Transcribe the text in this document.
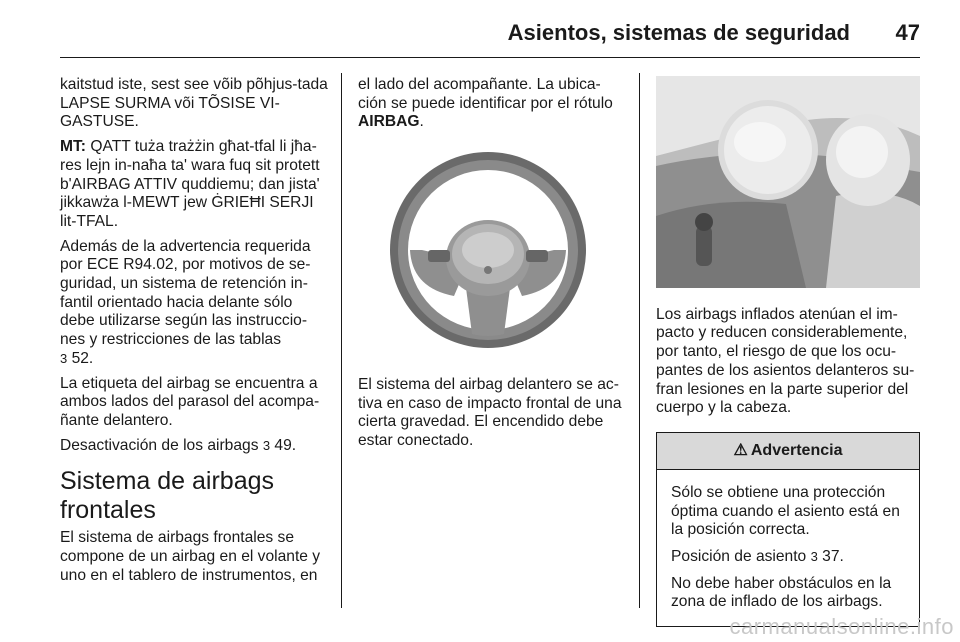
Asientos, sistemas de seguridad	47

kaitstud iste, sest see võib põhjus-tada LAPSE SURMA või TÕSISE VI-GASTUSE.

MT: QATT tuża trażżin għat-tfal li jħa-res lejn in-naħa ta' wara fuq sit protett b'AIRBAG ATTIV quddiemu; dan jista' jikkawża l-MEWT jew ĠRIEĦI SERJI lit-TFAL.

Además de la advertencia requerida por ECE R94.02, por motivos de se-guridad, un sistema de retención in-fantil orientado hacia delante sólo debe utilizarse según las instruccio-nes y restricciones de las tablas
3 52.

La etiqueta del airbag se encuentra a ambos lados del parasol del acompa-ñante delantero.

Desactivación de los airbags 3 49.

Sistema de airbags frontales

El sistema de airbags frontales se compone de un airbag en el volante y uno en el tablero de instrumentos, en

el lado del acompañante. La ubica-ción se puede identificar por el rótulo AIRBAG.

El sistema del airbag delantero se ac-tiva en caso de impacto frontal de una cierta gravedad. El encendido debe estar conectado.

Los airbags inflados atenúan el im-pacto y reducen considerablemente, por tanto, el riesgo de que los ocu-pantes de los asientos delanteros su-fran lesiones en la parte superior del cuerpo y la cabeza.

⚠ Advertencia

Sólo se obtiene una protección óptima cuando el asiento está en la posición correcta.

Posición de asiento 3 37.

No debe haber obstáculos en la zona de inflado de los airbags.

carmanualsonline.info
